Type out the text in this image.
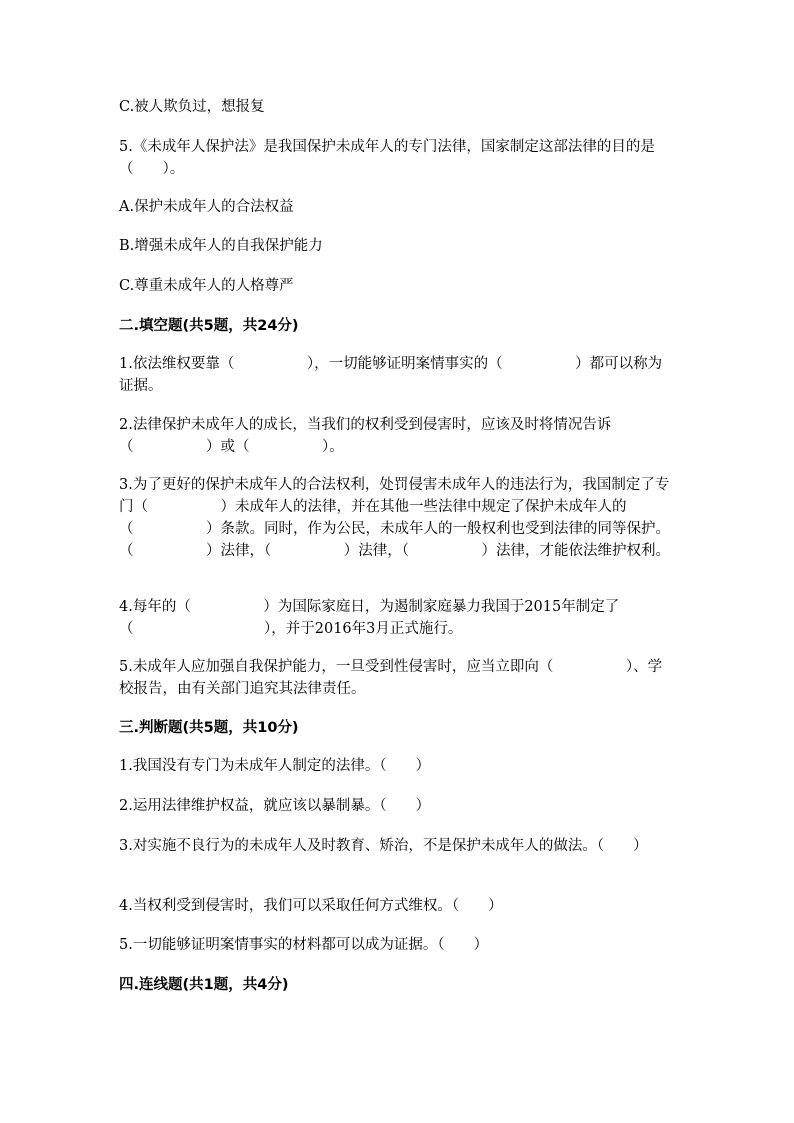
C.被人欺负过，想报复

5.《未成年人保护法》是我国保护未成年人的专门法律，国家制定这部法律的目的是（　　）。

A.保护未成年人的合法权益

B.增强未成年人的自我保护能力

C.尊重未成年人的人格尊严

二.填空题(共5题，共24分)

1.依法维权要靠（　　　　　），一切能够证明案情事实的（　　　　　）都可以称为证据。

2.法律保护未成年人的成长，当我们的权利受到侵害时，应该及时将情况告诉（　　　　　）或（　　　　　）。

3.为了更好的保护未成年人的合法权利，处罚侵害未成年人的违法行为，我国制定了专门（　　　　　）未成年人的法律，并在其他一些法律中规定了保护未成年人的（　　　　　）条款。同时，作为公民，未成年人的一般权利也受到法律的同等保护。（　　　　　）法律，（　　　　　）法律，（　　　　　）法律，才能依法维护权利。

4.每年的（　　　　　）为国际家庭日，为遏制家庭暴力我国于2015年制定了（　　　　　　　　　），并于2016年3月正式施行。

5.未成年人应加强自我保护能力，一旦受到性侵害时，应当立即向（　　　　　）、学校报告，由有关部门追究其法律责任。

三.判断题(共5题，共10分)

1.我国没有专门为未成年人制定的法律。（　　）

2.运用法律维护权益，就应该以暴制暴。（　　）

3.对实施不良行为的未成年人及时教育、矫治，不是保护未成年人的做法。（　　）

4.当权利受到侵害时，我们可以采取任何方式维权。（　　）

5.一切能够证明案情事实的材料都可以成为证据。（　　）

四.连线题(共1题，共4分)
